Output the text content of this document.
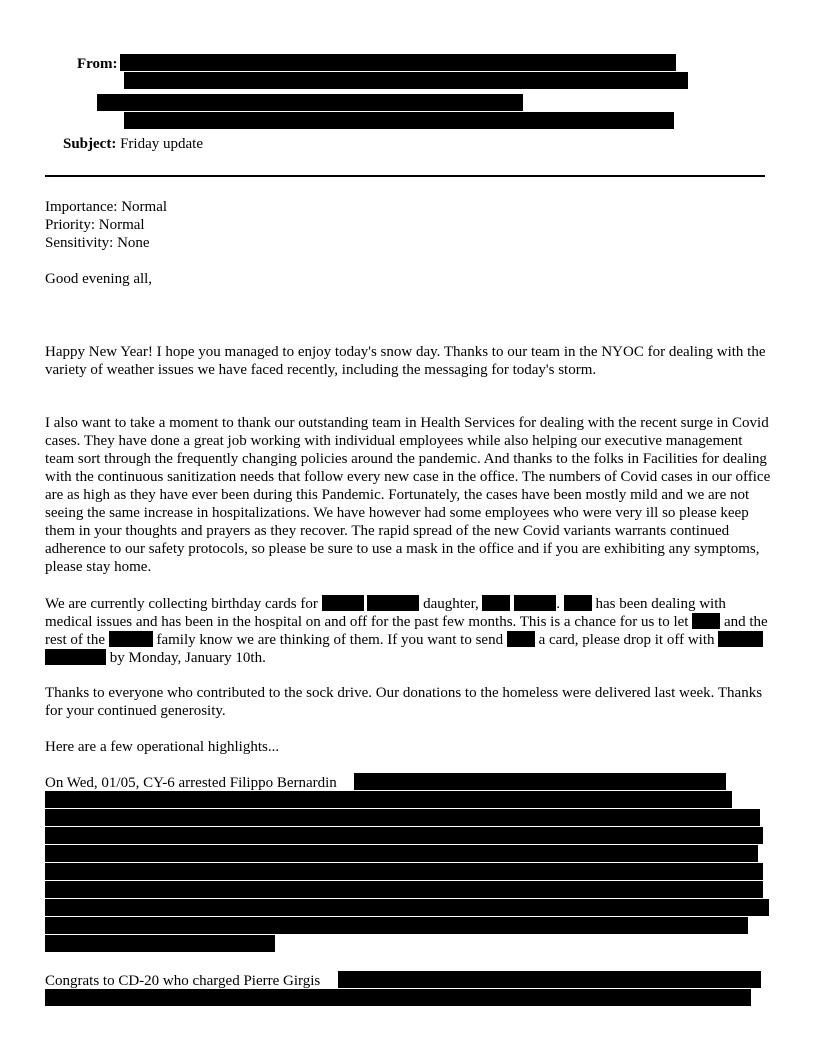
From:
Subject: Friday update
Importance: Normal
Priority: Normal
Sensitivity: None
Good evening all,
Happy New Year! I hope you managed to enjoy today's snow day. Thanks to our team in the NYOC for dealing with the variety of weather issues we have faced recently, including the messaging for today's storm.
I also want to take a moment to thank our outstanding team in Health Services for dealing with the recent surge in Covid cases. They have done a great job working with individual employees while also helping our executive management team sort through the frequently changing policies around the pandemic. And thanks to the folks in Facilities for dealing with the continuous sanitization needs that follow every new case in the office. The numbers of Covid cases in our office are as high as they have ever been during this Pandemic. Fortunately, the cases have been mostly mild and we are not seeing the same increase in hospitalizations. We have however had some employees who were very ill so please keep them in your thoughts and prayers as they recover. The rapid spread of the new Covid variants warrants continued adherence to our safety protocols, so please be sure to use a mask in the office and if you are exhibiting any symptoms, please stay home.
We are currently collecting birthday cards for	daughter,	. has been dealing with medical issues and has been in the hospital on and off for the past few months. This is a chance for us to let and the rest of the	family know we are thinking of them. If you want to send a card, please drop it off with   by Monday, January 10th.
Thanks to everyone who contributed to the sock drive. Our donations to the homeless were delivered last week. Thanks for your continued generosity.
Here are a few operational highlights...
On Wed, 01/05, CY-6 arrested Filippo Bernardin
Congrats to CD-20 who charged Pierre Girgis
